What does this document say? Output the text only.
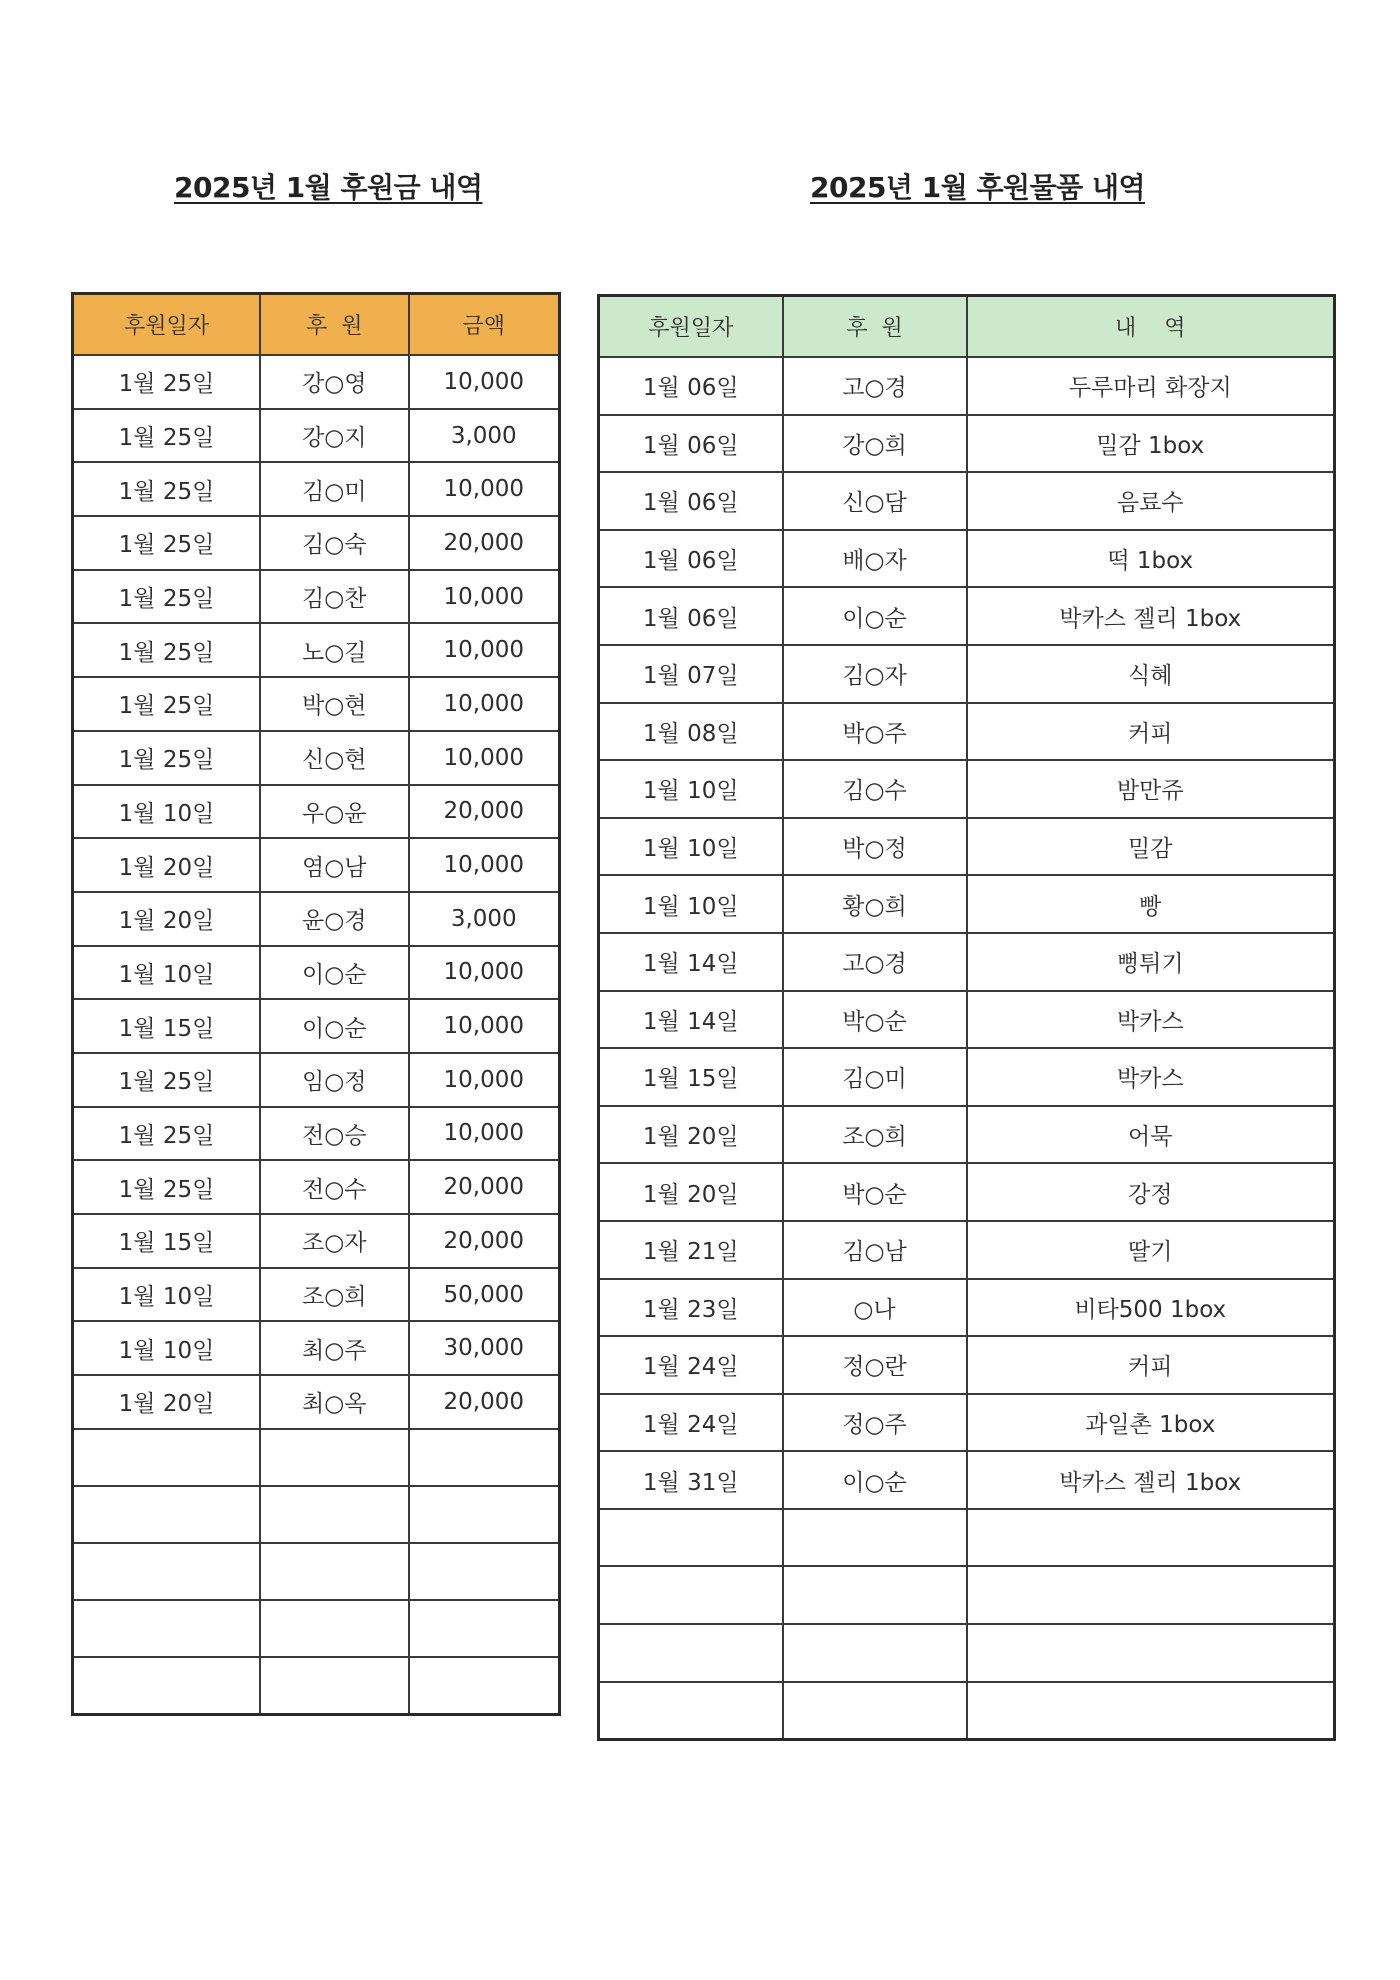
2025년 1월 후원금 내역	2025년 1월 후원물품 내역
후원일자	후  원	금액
1월 25일	강○영	10,000
1월 25일	강○지	3,000
1월 25일	김○미	10,000
1월 25일	김○숙	20,000
1월 25일	김○찬	10,000
1월 25일	노○길	10,000
1월 25일	박○현	10,000
1월 25일	신○현	10,000
1월 10일	우○윤	20,000
1월 20일	염○남	10,000
1월 20일	윤○경	3,000
1월 10일	이○순	10,000
1월 15일	이○순	10,000
1월 25일	임○정	10,000
1월 25일	전○승	10,000
1월 25일	전○수	20,000
1월 15일	조○자	20,000
1월 10일	조○희	50,000
1월 10일	최○주	30,000
1월 20일	최○옥	20,000

후원일자	후  원	내    역
1월 06일	고○경	두루마리 화장지
1월 06일	강○희	밀감 1box
1월 06일	신○담	음료수
1월 06일	배○자	떡 1box
1월 06일	이○순	박카스 젤리 1box
1월 07일	김○자	식혜
1월 08일	박○주	커피
1월 10일	김○수	밤만쥬
1월 10일	박○정	밀감
1월 10일	황○희	빵
1월 14일	고○경	뻥튀기
1월 14일	박○순	박카스
1월 15일	김○미	박카스
1월 20일	조○희	어묵
1월 20일	박○순	강정
1월 21일	김○남	딸기
1월 23일	○나	비타500 1box
1월 24일	정○란	커피
1월 24일	정○주	과일촌 1box
1월 31일	이○순	박카스 젤리 1box
